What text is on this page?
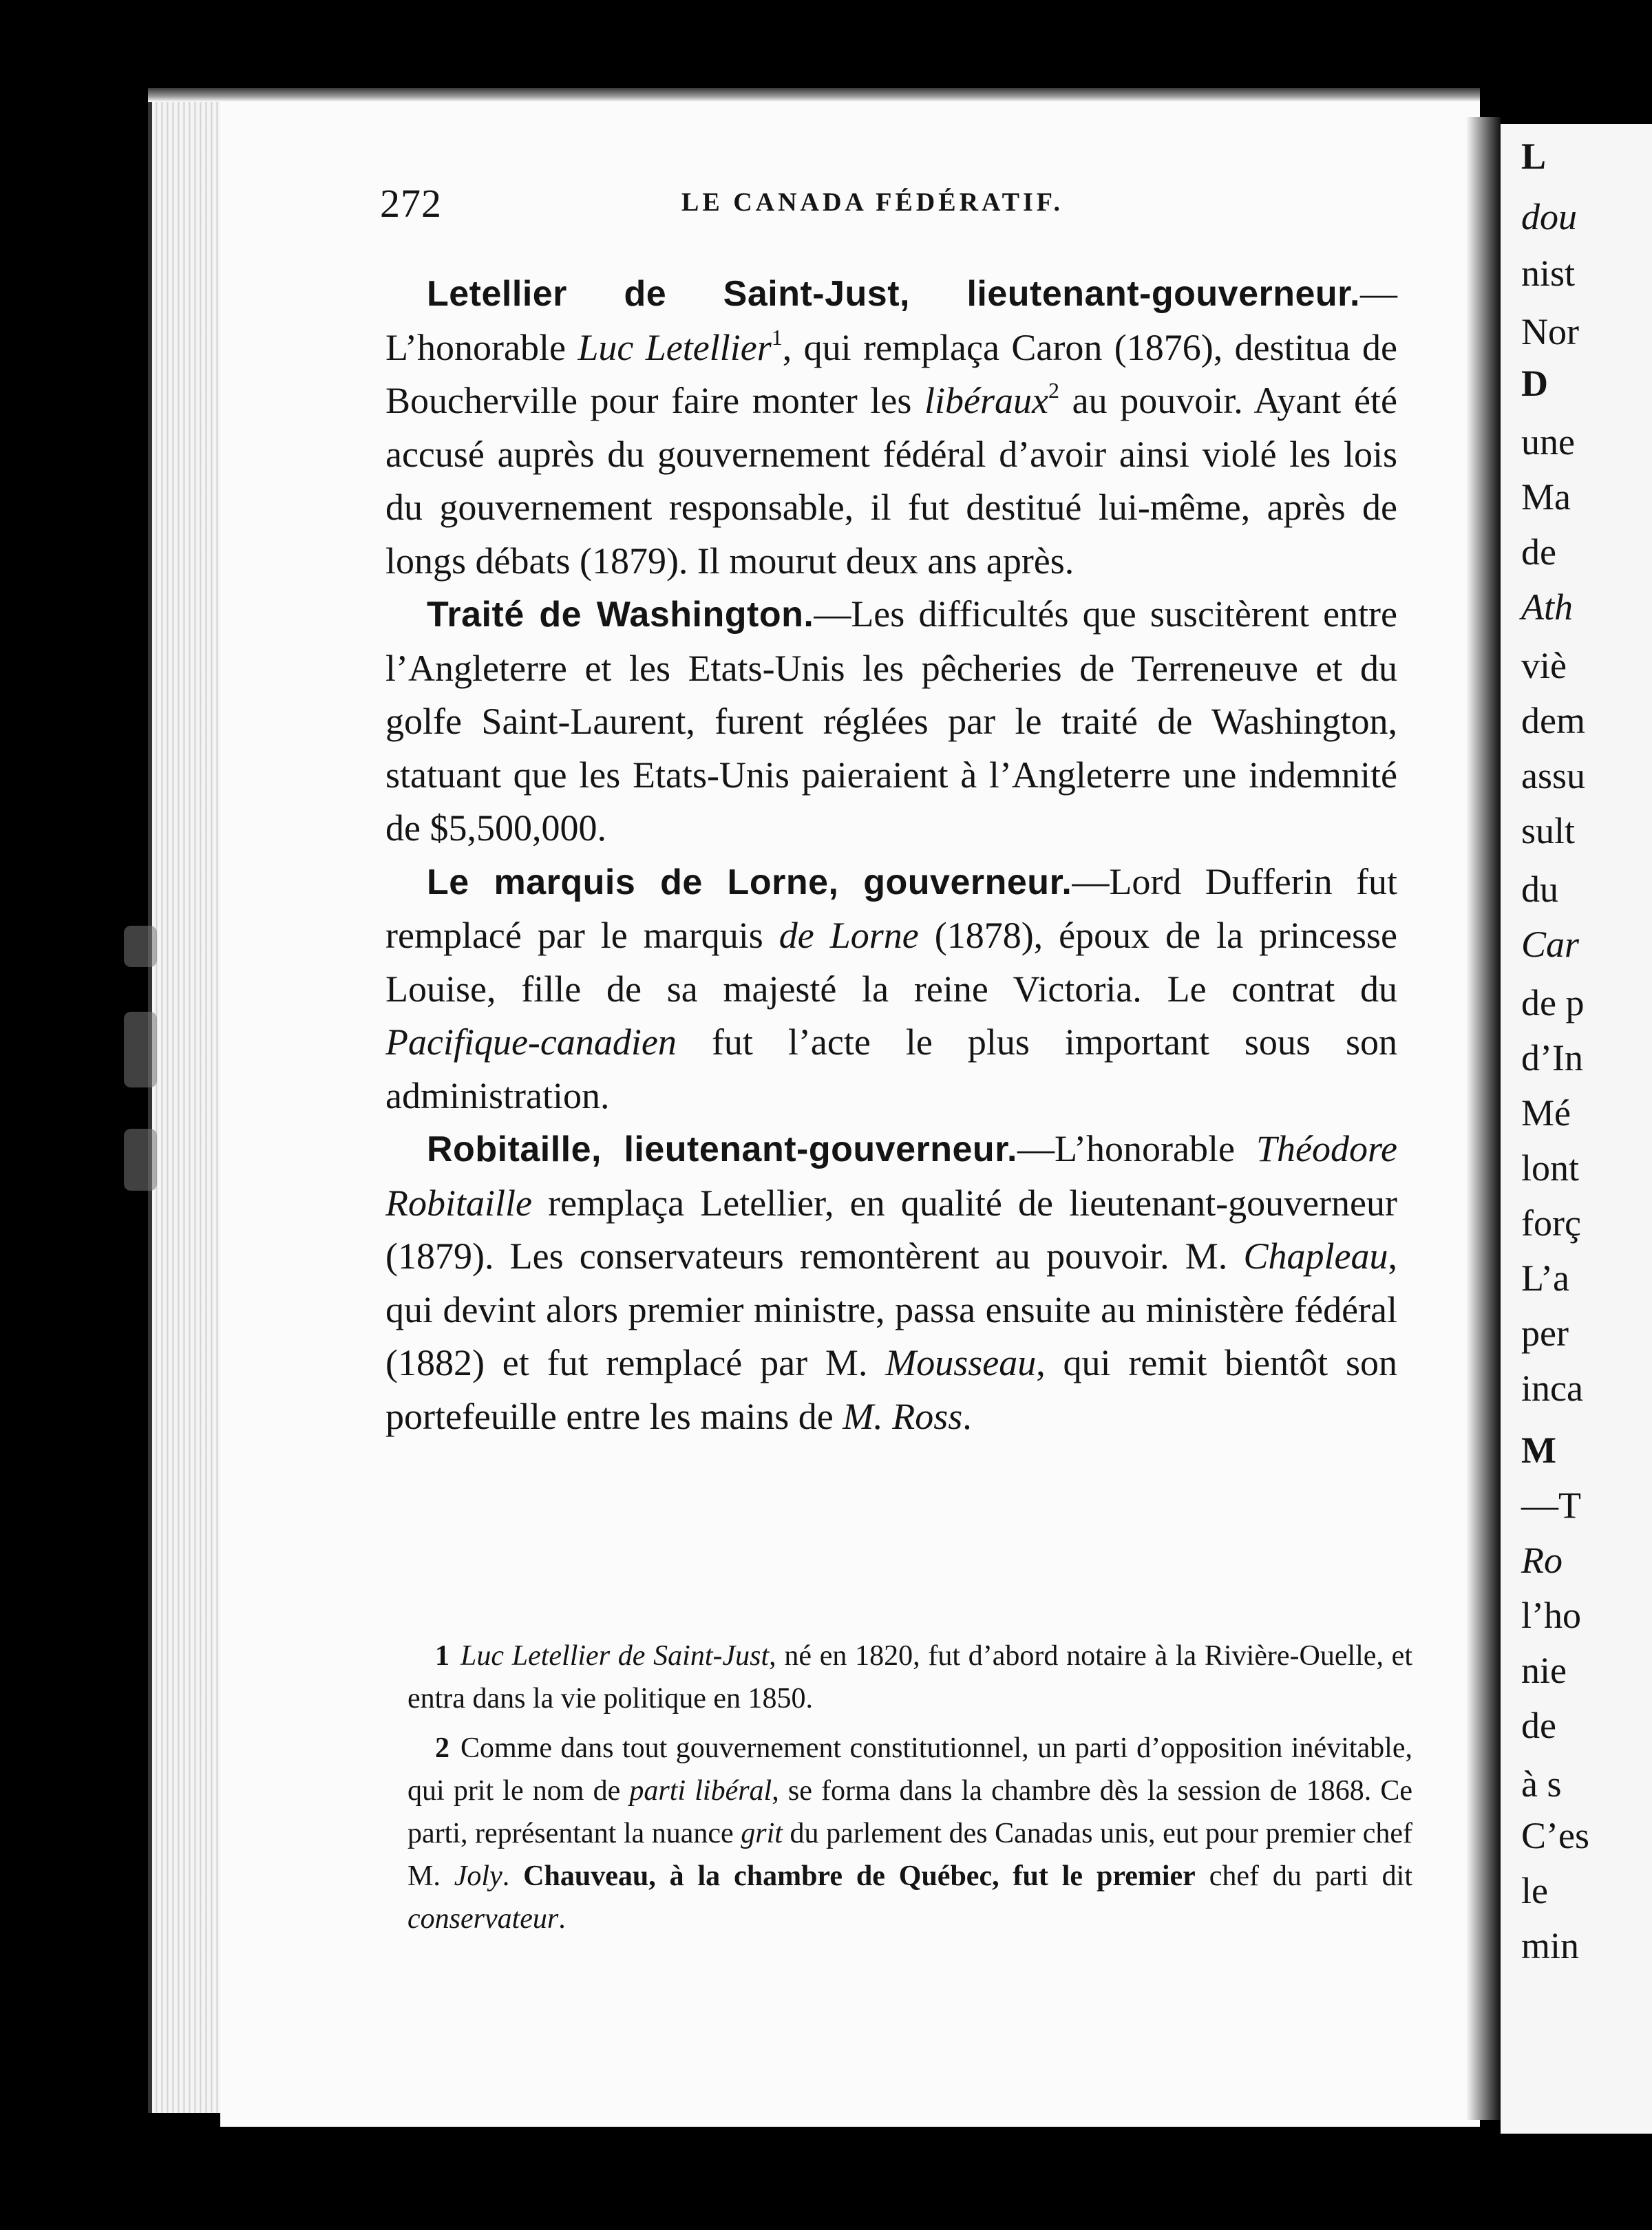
L
dou
nist
Nor
D
une
Ma
de
Ath
viè
dem
assu
sult
du
Car
de p
d’In
Mé
lont
forç
L’a
per
inca
M
—T
Ro
l’ho
nie
de
à s
C’es
le
min
272	LE CANADA FÉDÉRATIF.

Letellier de Saint-Just, lieutenant-gouverneur.— L’honorable Luc Letellier$^1$, qui remplaça Caron (1876), destitua de Boucherville pour faire monter les libéraux$^2$ au pouvoir. Ayant été accusé auprès du gouvernement fédéral d’avoir ainsi violé les lois du gouvernement responsable, il fut destitué lui-même, après de longs débats (1879). Il mourut deux ans après.

Traité de Washington.—Les difficultés que suscitèrent entre l’Angleterre et les Etats-Unis les pêcheries de Terreneuve et du golfe Saint-Laurent, furent réglées par le traité de Washington, statuant que les Etats-Unis paieraient à l’Angleterre une indemnité de $5,500,000.

Le marquis de Lorne, gouverneur.—Lord Dufferin fut remplacé par le marquis de Lorne (1878), époux de la princesse Louise, fille de sa majesté la reine Victoria. Le contrat du Pacifique-canadien fut l’acte le plus important sous son administration.

Robitaille, lieutenant-gouverneur.—L’honorable Théodore Robitaille remplaça Letellier, en qualité de lieutenant-gouverneur (1879). Les conservateurs remontèrent au pouvoir. M. Chapleau, qui devint alors premier ministre, passa ensuite au ministère fédéral (1882) et fut remplacé par M. Mousseau, qui remit bientôt son portefeuille entre les mains de M. Ross.

1 Luc Letellier de Saint-Just, né en 1820, fut d’abord notaire à la Rivière-Ouelle, et entra dans la vie politique en 1850.

2 Comme dans tout gouvernement constitutionnel, un parti d’opposition inévitable, qui prit le nom de parti libéral, se forma dans la chambre dès la session de 1868. Ce parti, représentant la nuance grit du parlement des Canadas unis, eut pour premier chef M. Joly. Chauveau, à la chambre de Québec, fut le premier chef du parti dit conservateur.
